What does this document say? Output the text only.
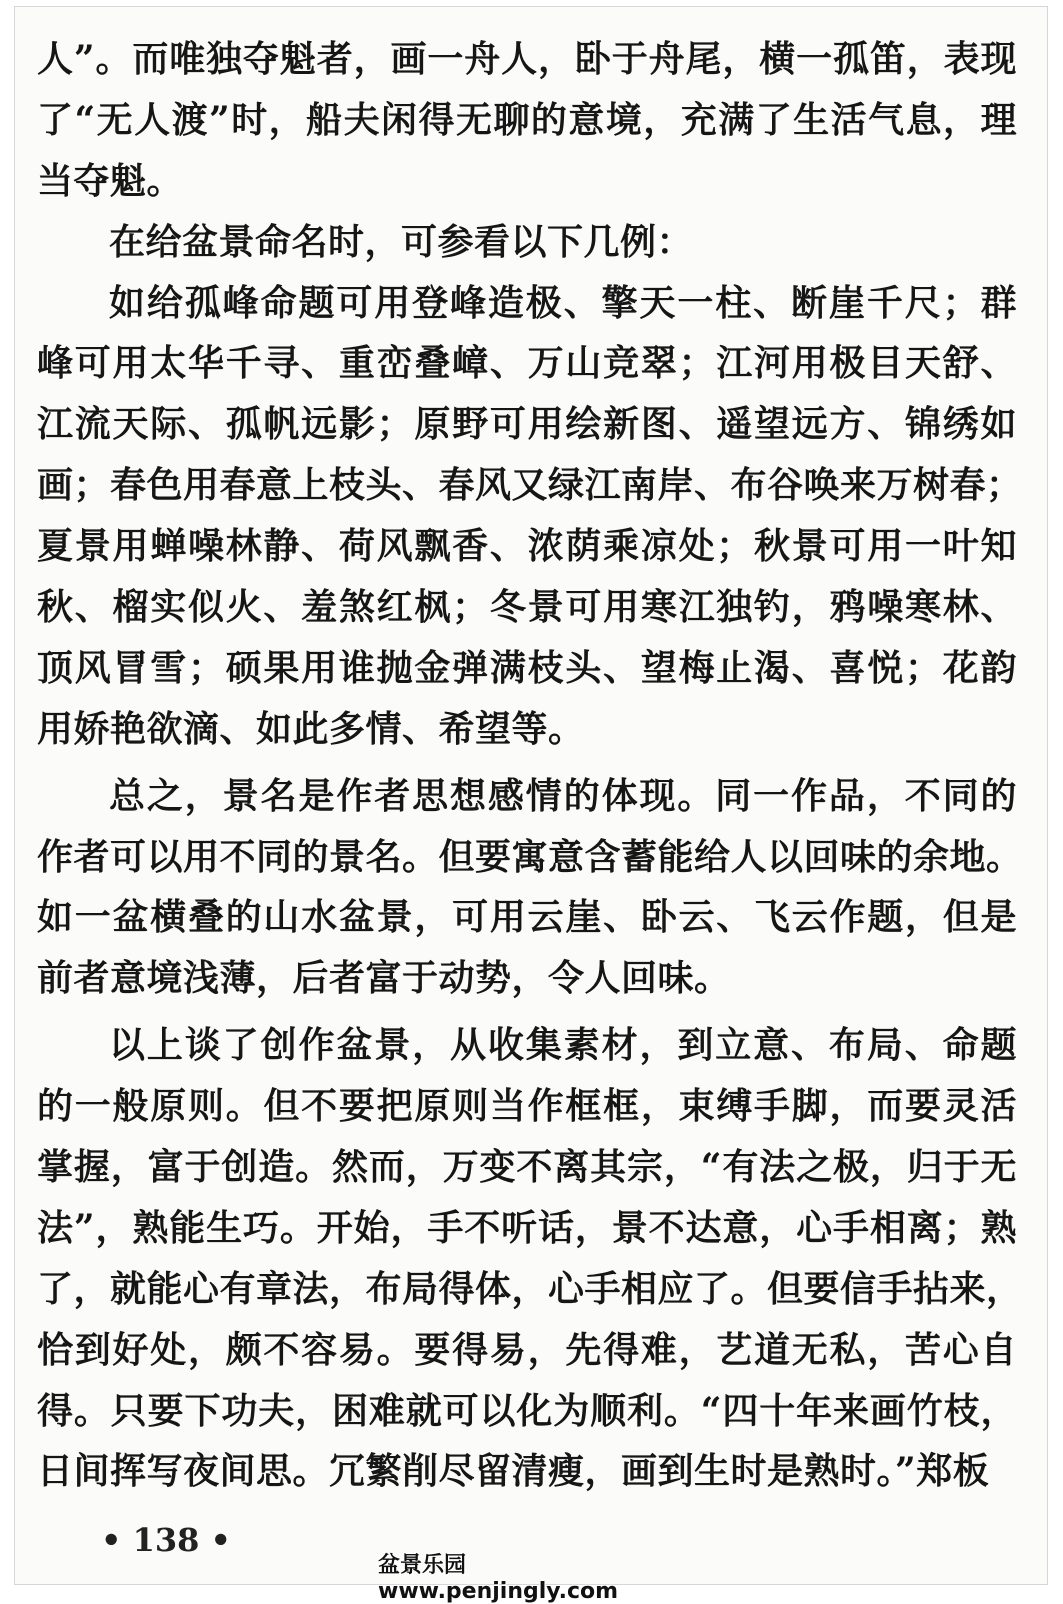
人”。而唯独夺魁者，画一舟人，卧于舟尾，横一孤笛，表现
了“无人渡”时，船夫闲得无聊的意境，充满了生活气息，理
当夺魁。
在给盆景命名时，可参看以下几例：
如给孤峰命题可用登峰造极、擎天一柱、断崖千尺；群
峰可用太华千寻、重峦叠嶂、万山竞翠；江河用极目天舒、
江流天际、孤帆远影；原野可用绘新图、遥望远方、锦绣如
画；春色用春意上枝头、春风又绿江南岸、布谷唤来万树春；
夏景用蝉噪林静、荷风飘香、浓荫乘凉处；秋景可用一叶知
秋、榴实似火、羞煞红枫；冬景可用寒江独钓，鸦噪寒林、
顶风冒雪；硕果用谁抛金弹满枝头、望梅止渴、喜悦；花韵
用娇艳欲滴、如此多情、希望等。
总之，景名是作者思想感情的体现。同一作品，不同的
作者可以用不同的景名。但要寓意含蓄能给人以回味的余地。
如一盆横叠的山水盆景，可用云崖、卧云、飞云作题，但是
前者意境浅薄，后者富于动势，令人回味。
以上谈了创作盆景，从收集素材，到立意、布局、命题
的一般原则。但不要把原则当作框框，束缚手脚，而要灵活
掌握，富于创造。然而，万变不离其宗，“有法之极，归于无
法”，熟能生巧。开始，手不听话，景不达意，心手相离；熟
了，就能心有章法，布局得体，心手相应了。但要信手拈来，
恰到好处，颇不容易。要得易，先得难，艺道无私，苦心自
得。只要下功夫，困难就可以化为顺利。“四十年来画竹枝，
日间挥写夜间思。冗繁削尽留清瘦，画到生时是熟时。”郑板
• 138 •
盆景乐园www.penjingly.com
